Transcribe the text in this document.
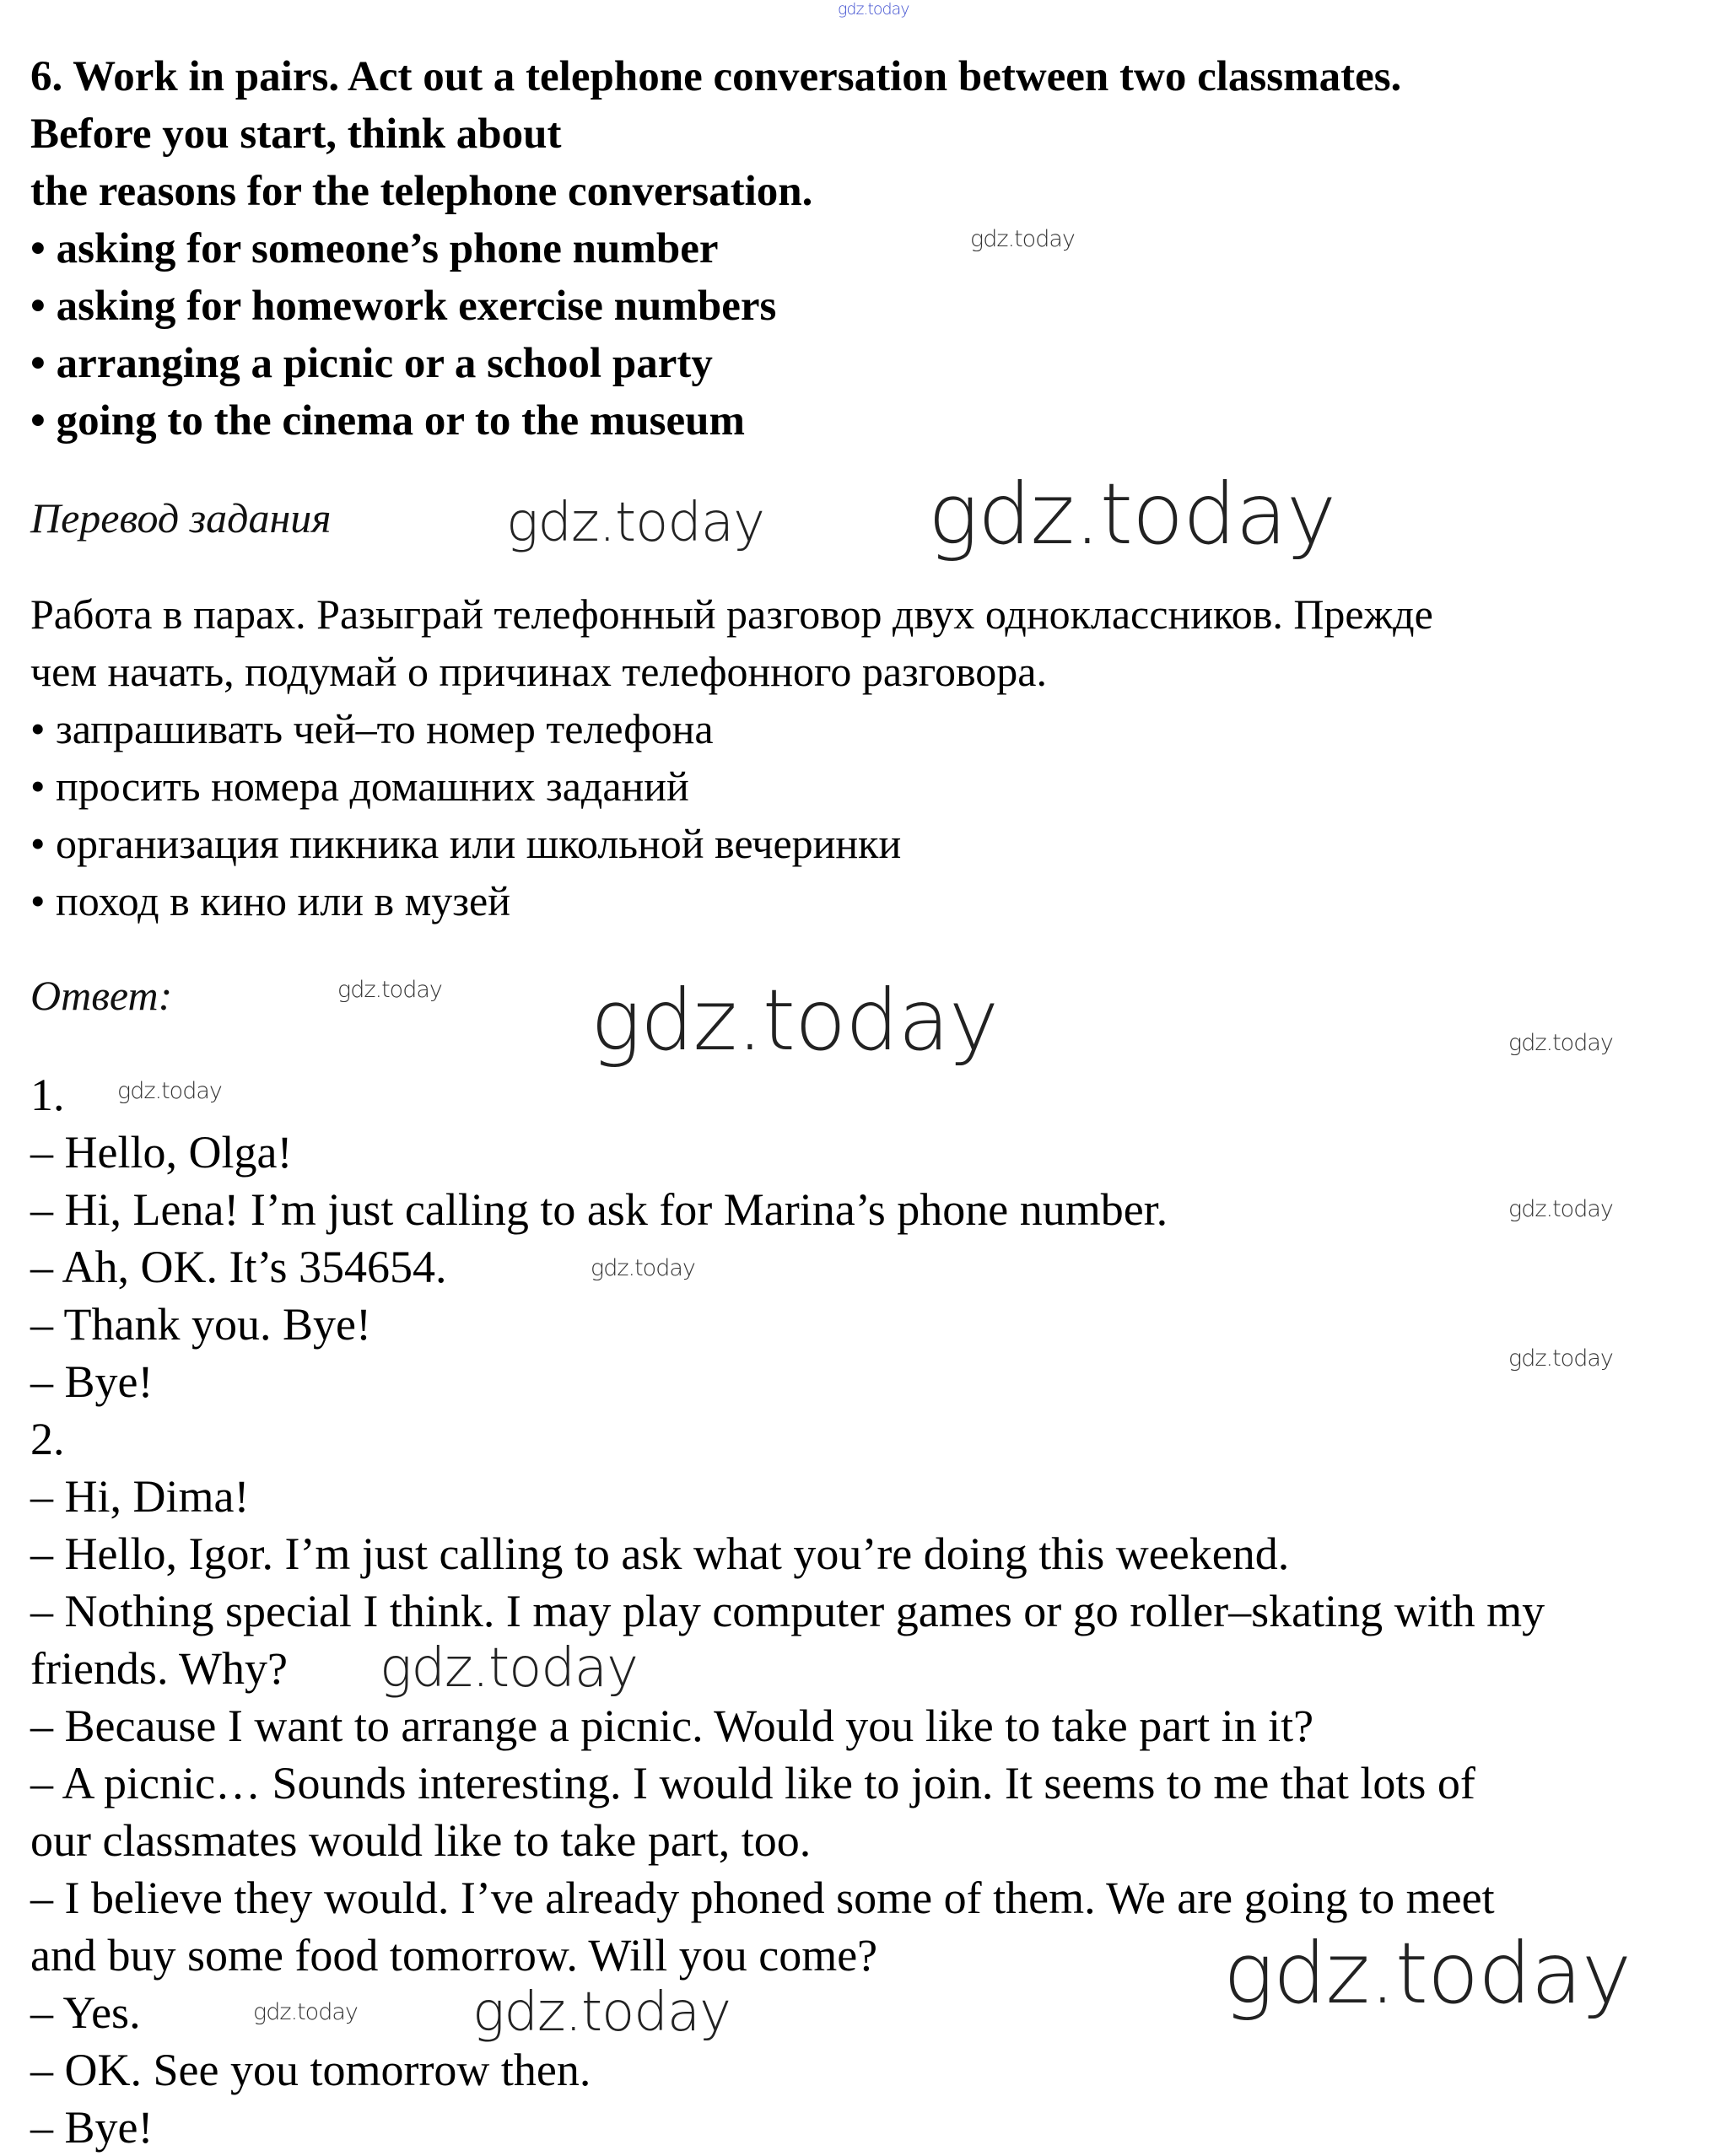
6. Work in pairs. Act out a telephone conversation between two classmates.
Before you start, think about
the reasons for the telephone conversation.
• asking for someone’s phone number
• asking for homework exercise numbers
• arranging a picnic or a school party
• going to the cinema or to the museum
Перевод задания
Работа в парах. Разыграй телефонный разговор двух одноклассников. Прежде
чем начать, подумай о причинах телефонного разговора.
• запрашивать чей–то номер телефона
• просить номера домашних заданий
• организация пикника или школьной вечеринки
• поход в кино или в музей
Ответ:
1.
– Hello, Olga!
– Hi, Lena! I’m just calling to ask for Marina’s phone number.
– Ah, OK. It’s 354654.
– Thank you. Bye!
– Bye!
2.
– Hi, Dima!
– Hello, Igor. I’m just calling to ask what you’re doing this weekend.
– Nothing special I think. I may play computer games or go roller–skating with my
friends. Why?
– Because I want to arrange a picnic. Would you like to take part in it?
– A picnic… Sounds interesting. I would like to join. It seems to me that lots of
our classmates would like to take part, too.
– I believe they would. I’ve already phoned some of them. We are going to meet
and buy some food tomorrow. Will you come?
– Yes.
– OK. See you tomorrow then.
– Bye!
gdz.today
gdz.today
gdz.today
gdz.today
gdz.today
gdz.today	gdz.today
gdz.today
gdz.today
gdz.today
gdz.today
gdz.today
gdz.today
gdz.today
gdz.today
